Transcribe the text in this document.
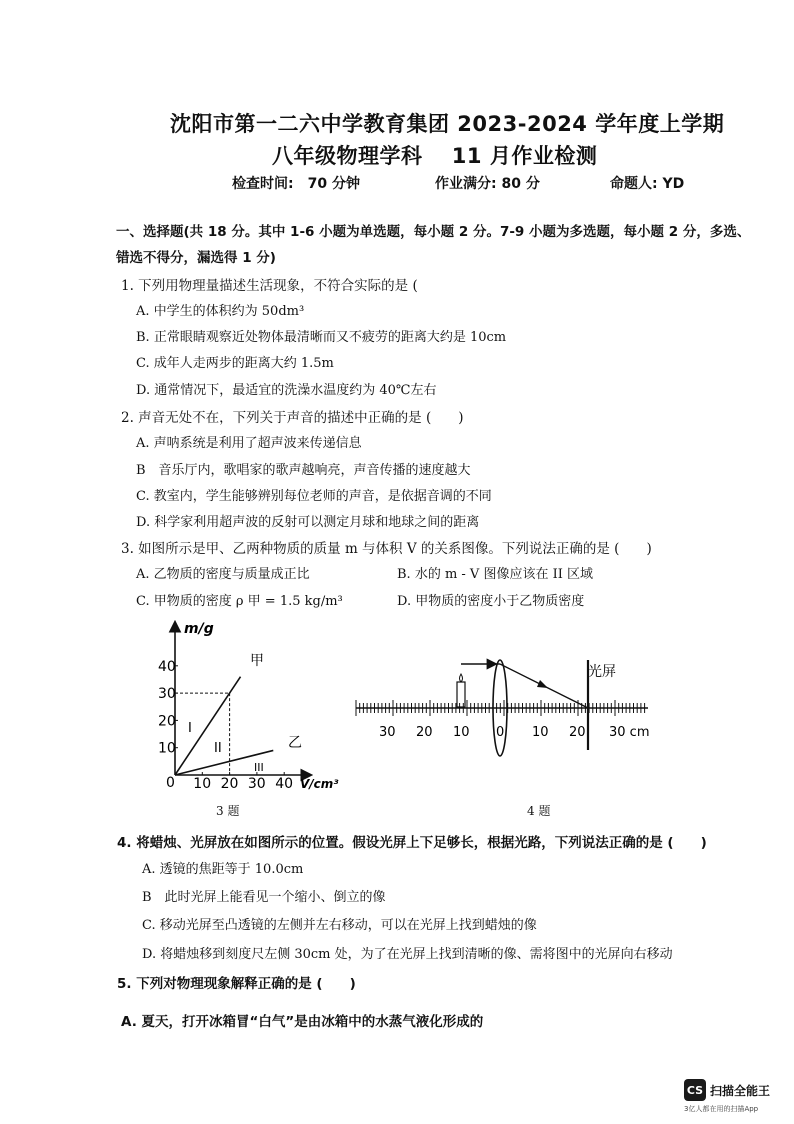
沈阳市第一二六中学教育集团 2023-2024 学年度上学期
八年级物理学科　 11 月作业检测
检查时间:　70 分钟	作业满分: 80 分	命题人: YD
一、选择题(共 18 分。其中 1-6 小题为单选题，每小题 2 分。7-9 小题为多选题，每小题 2 分，多选、
错选不得分，漏选得 1 分)
1. 下列用物理量描述生活现象，不符合实际的是 (
A. 中学生的体积约为 50dm³
B. 正常眼睛观察近处物体最清晰而又不疲劳的距离大约是 10cm
C. 成年人走两步的距离大约 1.5m
D. 通常情况下，最适宜的洗澡水温度约为 40℃左右
2. 声音无处不在，下列关于声音的描述中正确的是 (　　)
A. 声呐系统是利用了超声波来传递信息
B　音乐厅内，歌唱家的歌声越响亮，声音传播的速度越大
C. 教室内，学生能够辨别每位老师的声音，是依据音调的不同
D. 科学家利用超声波的反射可以测定月球和地球之间的距离
3. 如图所示是甲、乙两种物质的质量 m 与体积 V 的关系图像。下列说法正确的是 (　　)
A. 乙物质的密度与质量成正比	B. 水的 m - V 图像应该在 II 区域
C. 甲物质的密度 ρ 甲 = 1.5 kg/m³	D. 甲物质的密度小于乙物质密度
10
20
30
40
10 20 30 40
m/g
V/cm³
0
甲
乙
I
II
III
3 题
光屏
30 20 10 0 10 20 30 cm
4 题
4. 将蜡烛、光屏放在如图所示的位置。假设光屏上下足够长，根据光路，下列说法正确的是 (　　)
A. 透镜的焦距等于 10.0cm
B　此时光屏上能看见一个缩小、倒立的像
C. 移动光屏至凸透镜的左侧并左右移动，可以在光屏上找到蜡烛的像
D. 将蜡烛移到刻度尺左侧 30cm 处，为了在光屏上找到清晰的像、需将图中的光屏向右移动
5. 下列对物理现象解释正确的是 (　　)
A. 夏天，打开冰箱冒“白气”是由冰箱中的水蒸气液化形成的
CS 扫描全能王
3亿人都在用的扫描App
